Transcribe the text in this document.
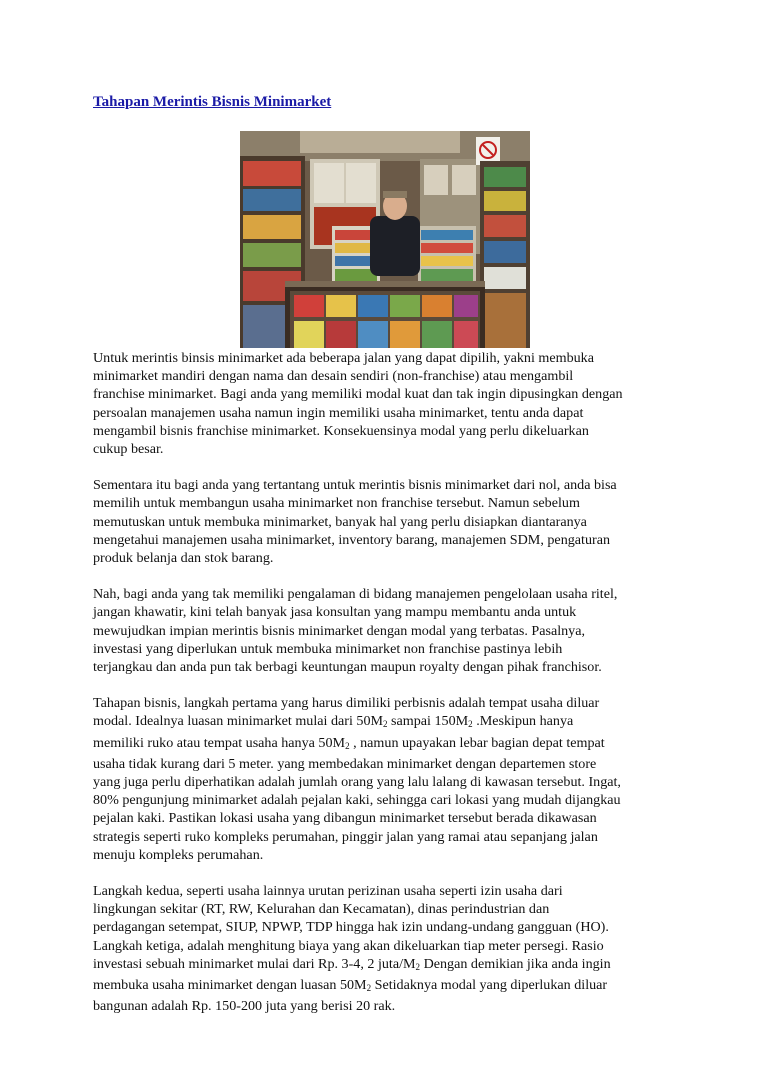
Tahapan Merintis Bisnis Minimarket
Untuk merintis binsis minimarket ada beberapa jalan yang dapat dipilih, yakni membuka
minimarket mandiri dengan nama dan desain sendiri (non-franchise) atau mengambil
franchise minimarket. Bagi anda yang memiliki modal kuat dan tak ingin dipusingkan dengan
persoalan manajemen usaha namun ingin memiliki usaha minimarket, tentu anda dapat
mengambil bisnis franchise minimarket. Konsekuensinya modal yang perlu dikeluarkan
cukup besar.
Sementara itu bagi anda yang tertantang untuk merintis bisnis minimarket dari nol, anda bisa
memilih untuk membangun usaha minimarket non franchise tersebut. Namun sebelum
memutuskan untuk membuka minimarket, banyak hal yang perlu disiapkan diantaranya
mengetahui manajemen usaha minimarket, inventory barang, manajemen SDM, pengaturan
produk belanja dan stok barang.
Nah, bagi anda yang tak memiliki pengalaman di bidang manajemen pengelolaan usaha ritel,
jangan khawatir, kini telah banyak jasa konsultan yang mampu membantu anda untuk
mewujudkan impian merintis bisnis minimarket dengan modal yang terbatas. Pasalnya,
investasi yang diperlukan untuk membuka minimarket non franchise pastinya lebih
terjangkau dan anda pun tak berbagi keuntungan maupun royalty dengan pihak franchisor.
Tahapan bisnis, langkah pertama yang harus dimiliki perbisnis adalah tempat usaha diluar
modal. Idealnya luasan minimarket mulai dari $50M_2$ sampai $150M_2$ .Meskipun hanya
memiliki ruko atau tempat usaha hanya $50M_2$ , namun upayakan lebar bagian depat tempat
usaha tidak kurang dari 5 meter. yang membedakan minimarket dengan departemen store
yang juga perlu diperhatikan adalah jumlah orang yang lalu lalang di kawasan tersebut. Ingat,
80% pengunjung minimarket adalah pejalan kaki, sehingga cari lokasi yang mudah dijangkau
pejalan kaki. Pastikan lokasi usaha yang dibangun minimarket tersebut berada dikawasan
strategis seperti ruko kompleks perumahan, pinggir jalan yang ramai atau sepanjang jalan
menuju kompleks perumahan.
Langkah kedua, seperti usaha lainnya urutan perizinan usaha seperti izin usaha dari
lingkungan sekitar (RT, RW, Kelurahan dan Kecamatan), dinas perindustrian dan
perdagangan setempat, SIUP, NPWP, TDP hingga hak izin undang-undang gangguan (HO).
Langkah ketiga, adalah menghitung biaya yang akan dikeluarkan tiap meter persegi. Rasio
investasi sebuah minimarket mulai dari Rp. 3-4, 2 juta/$M_2$ Dengan demikian jika anda ingin
membuka usaha minimarket dengan luasan $50M_2$ Setidaknya modal yang diperlukan diluar
bangunan adalah Rp. 150-200 juta yang berisi 20 rak.
